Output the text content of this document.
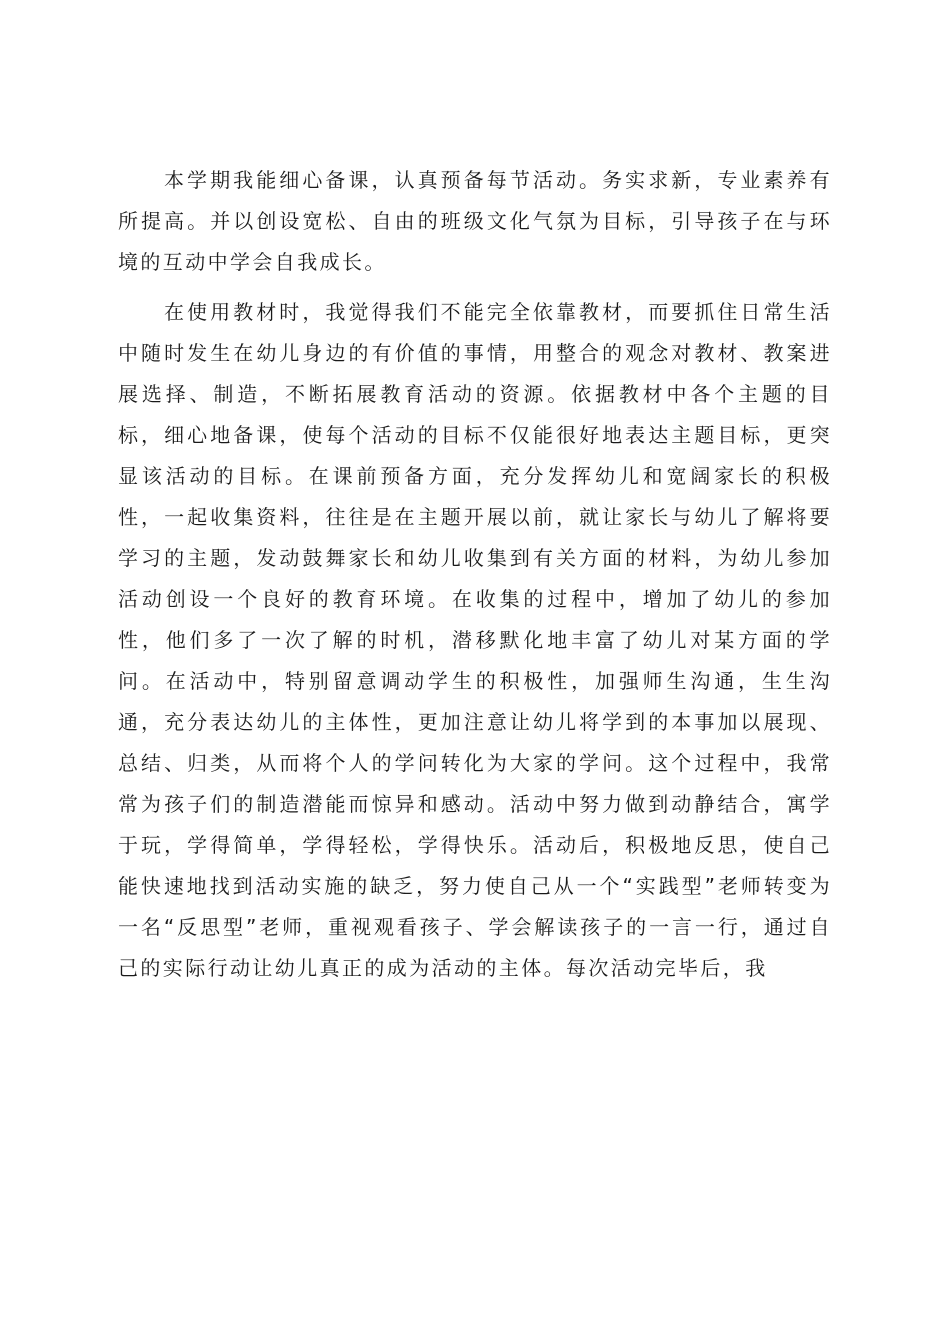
本学期我能细心备课，认真预备每节活动。务实求新，专业素养有所提高。并以创设宽松、自由的班级文化气氛为目标，引导孩子在与环境的互动中学会自我成长。

在使用教材时，我觉得我们不能完全依靠教材，而要抓住日常生活中随时发生在幼儿身边的有价值的事情，用整合的观念对教材、教案进展选择、制造，不断拓展教育活动的资源。依据教材中各个主题的目标，细心地备课，使每个活动的目标不仅能很好地表达主题目标，更突显该活动的目标。在课前预备方面，充分发挥幼儿和宽阔家长的积极性，一起收集资料，往往是在主题开展以前，就让家长与幼儿了解将要学习的主题，发动鼓舞家长和幼儿收集到有关方面的材料，为幼儿参加活动创设一个良好的教育环境。在收集的过程中，增加了幼儿的参加性，他们多了一次了解的时机，潜移默化地丰富了幼儿对某方面的学问。在活动中，特别留意调动学生的积极性，加强师生沟通，生生沟通，充分表达幼儿的主体性，更加注意让幼儿将学到的本事加以展现、总结、归类，从而将个人的学问转化为大家的学问。这个过程中，我常常为孩子们的制造潜能而惊异和感动。活动中努力做到动静结合，寓学于玩，学得简单，学得轻松，学得快乐。活动后，积极地反思，使自己能快速地找到活动实施的缺乏，努力使自己从一个“实践型”老师转变为一名“反思型”老师，重视观看孩子、学会解读孩子的一言一行，通过自己的实际行动让幼儿真正的成为活动的主体。每次活动完毕后，我
